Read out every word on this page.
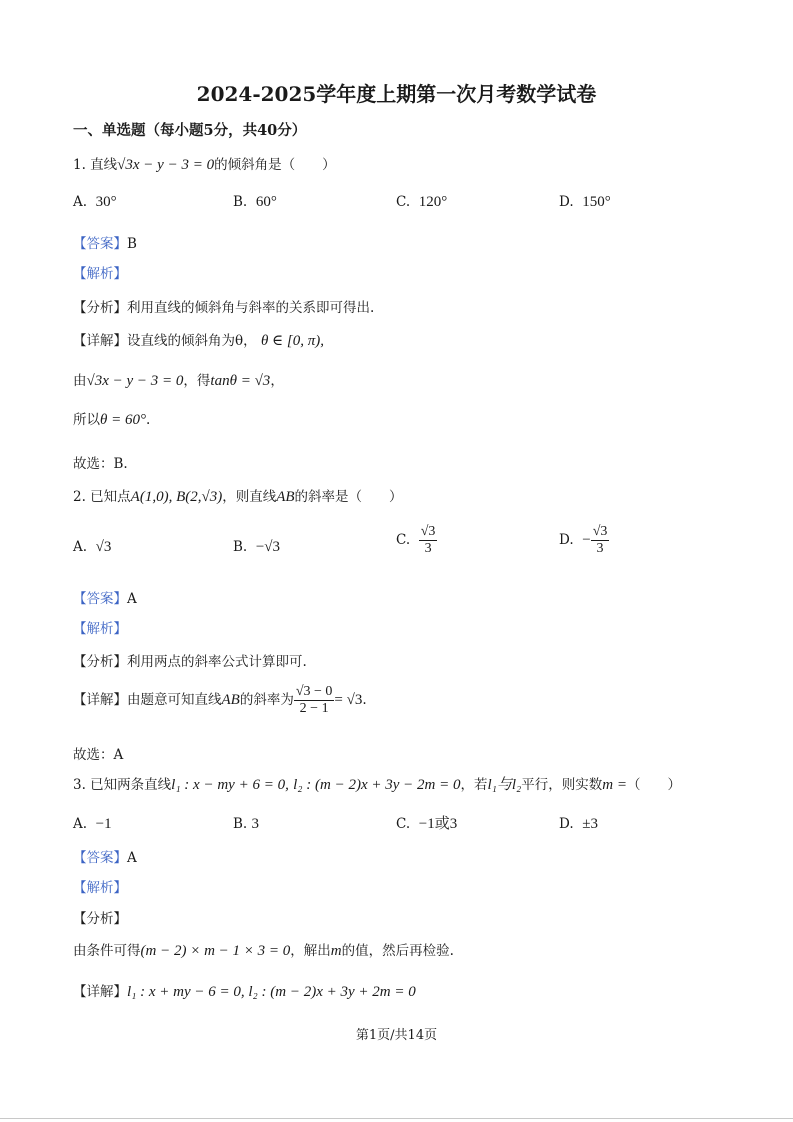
2024-2025学年度上期第一次月考数学试卷
一、单选题（每小题5分，共40分）
1. 直线√3x − y − 3 = 0的倾斜角是（　　）
A. 30°	B. 60°	C. 120°	D. 150°
【答案】B
【解析】
【分析】利用直线的倾斜角与斜率的关系即可得出.
【详解】设直线的倾斜角为θ， θ ∈ [0, π),
由√3x − y − 3 = 0，得tanθ = √3，
所以θ = 60°.
故选：B.
2. 已知点A(1,0), B(2,√3)，则直线AB的斜率是（　　）
A. √3	B. −√3	C. $\frac{√3}{3}$	D. − $\frac{√3}{3}$
【答案】A
【解析】
【分析】利用两点的斜率公式计算即可.
【详解】由题意可知直线AB的斜率为 $\frac{√3 - 0}{2 - 1} = √3$.
故选：A
3. 已知两条直线l₁ : x − my + 6 = 0, l₂ : (m − 2)x + 3y − 2m = 0，若l₁与l₂平行，则实数m =（　　）
A. −1	B. 3	C. −1或3	D. ±3
【答案】A
【解析】
【分析】
由条件可得(m − 2) × m − 1 × 3 = 0，解出m的值，然后再检验.
【详解】l₁ : x + my − 6 = 0, l₂ : (m − 2)x + 3y + 2m = 0
第1页/共14页
